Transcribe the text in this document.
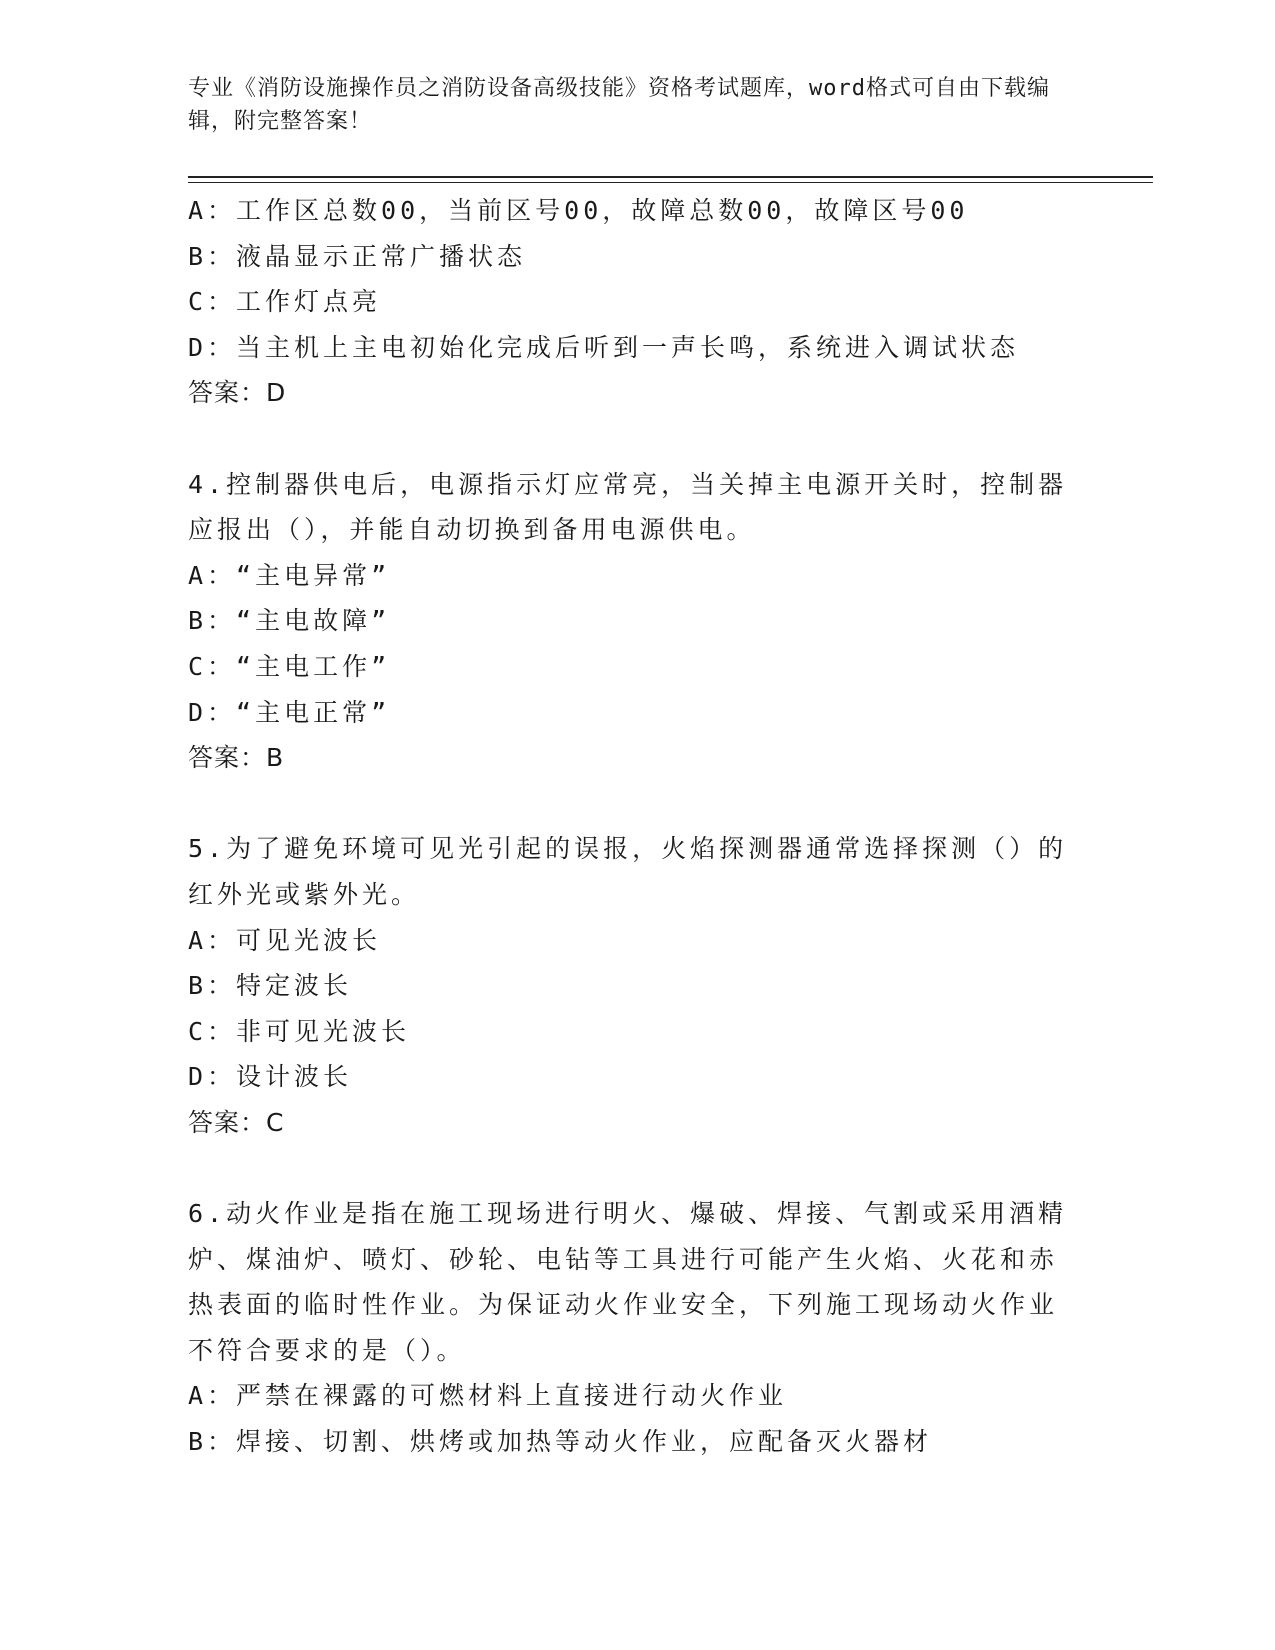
专业《消防设施操作员之消防设备高级技能》资格考试题库，word格式可自由下载编辑，附完整答案！
A：工作区总数00，当前区号00，故障总数00，故障区号00
B：液晶显示正常广播状态
C：工作灯点亮
D：当主机上主电初始化完成后听到一声长鸣，系统进入调试状态
答案：D
4.控制器供电后，电源指示灯应常亮，当关掉主电源开关时，控制器
应报出（），并能自动切换到备用电源供电。
A：“主电异常”
B：“主电故障”
C：“主电工作”
D：“主电正常”
答案：B
5.为了避免环境可见光引起的误报，火焰探测器通常选择探测（）的
红外光或紫外光。
A：可见光波长
B：特定波长
C：非可见光波长
D：设计波长
答案：C
6.动火作业是指在施工现场进行明火、爆破、焊接、气割或采用酒精
炉、煤油炉、喷灯、砂轮、电钻等工具进行可能产生火焰、火花和赤
热表面的临时性作业。为保证动火作业安全，下列施工现场动火作业
不符合要求的是（）。
A：严禁在裸露的可燃材料上直接进行动火作业
B：焊接、切割、烘烤或加热等动火作业，应配备灭火器材
